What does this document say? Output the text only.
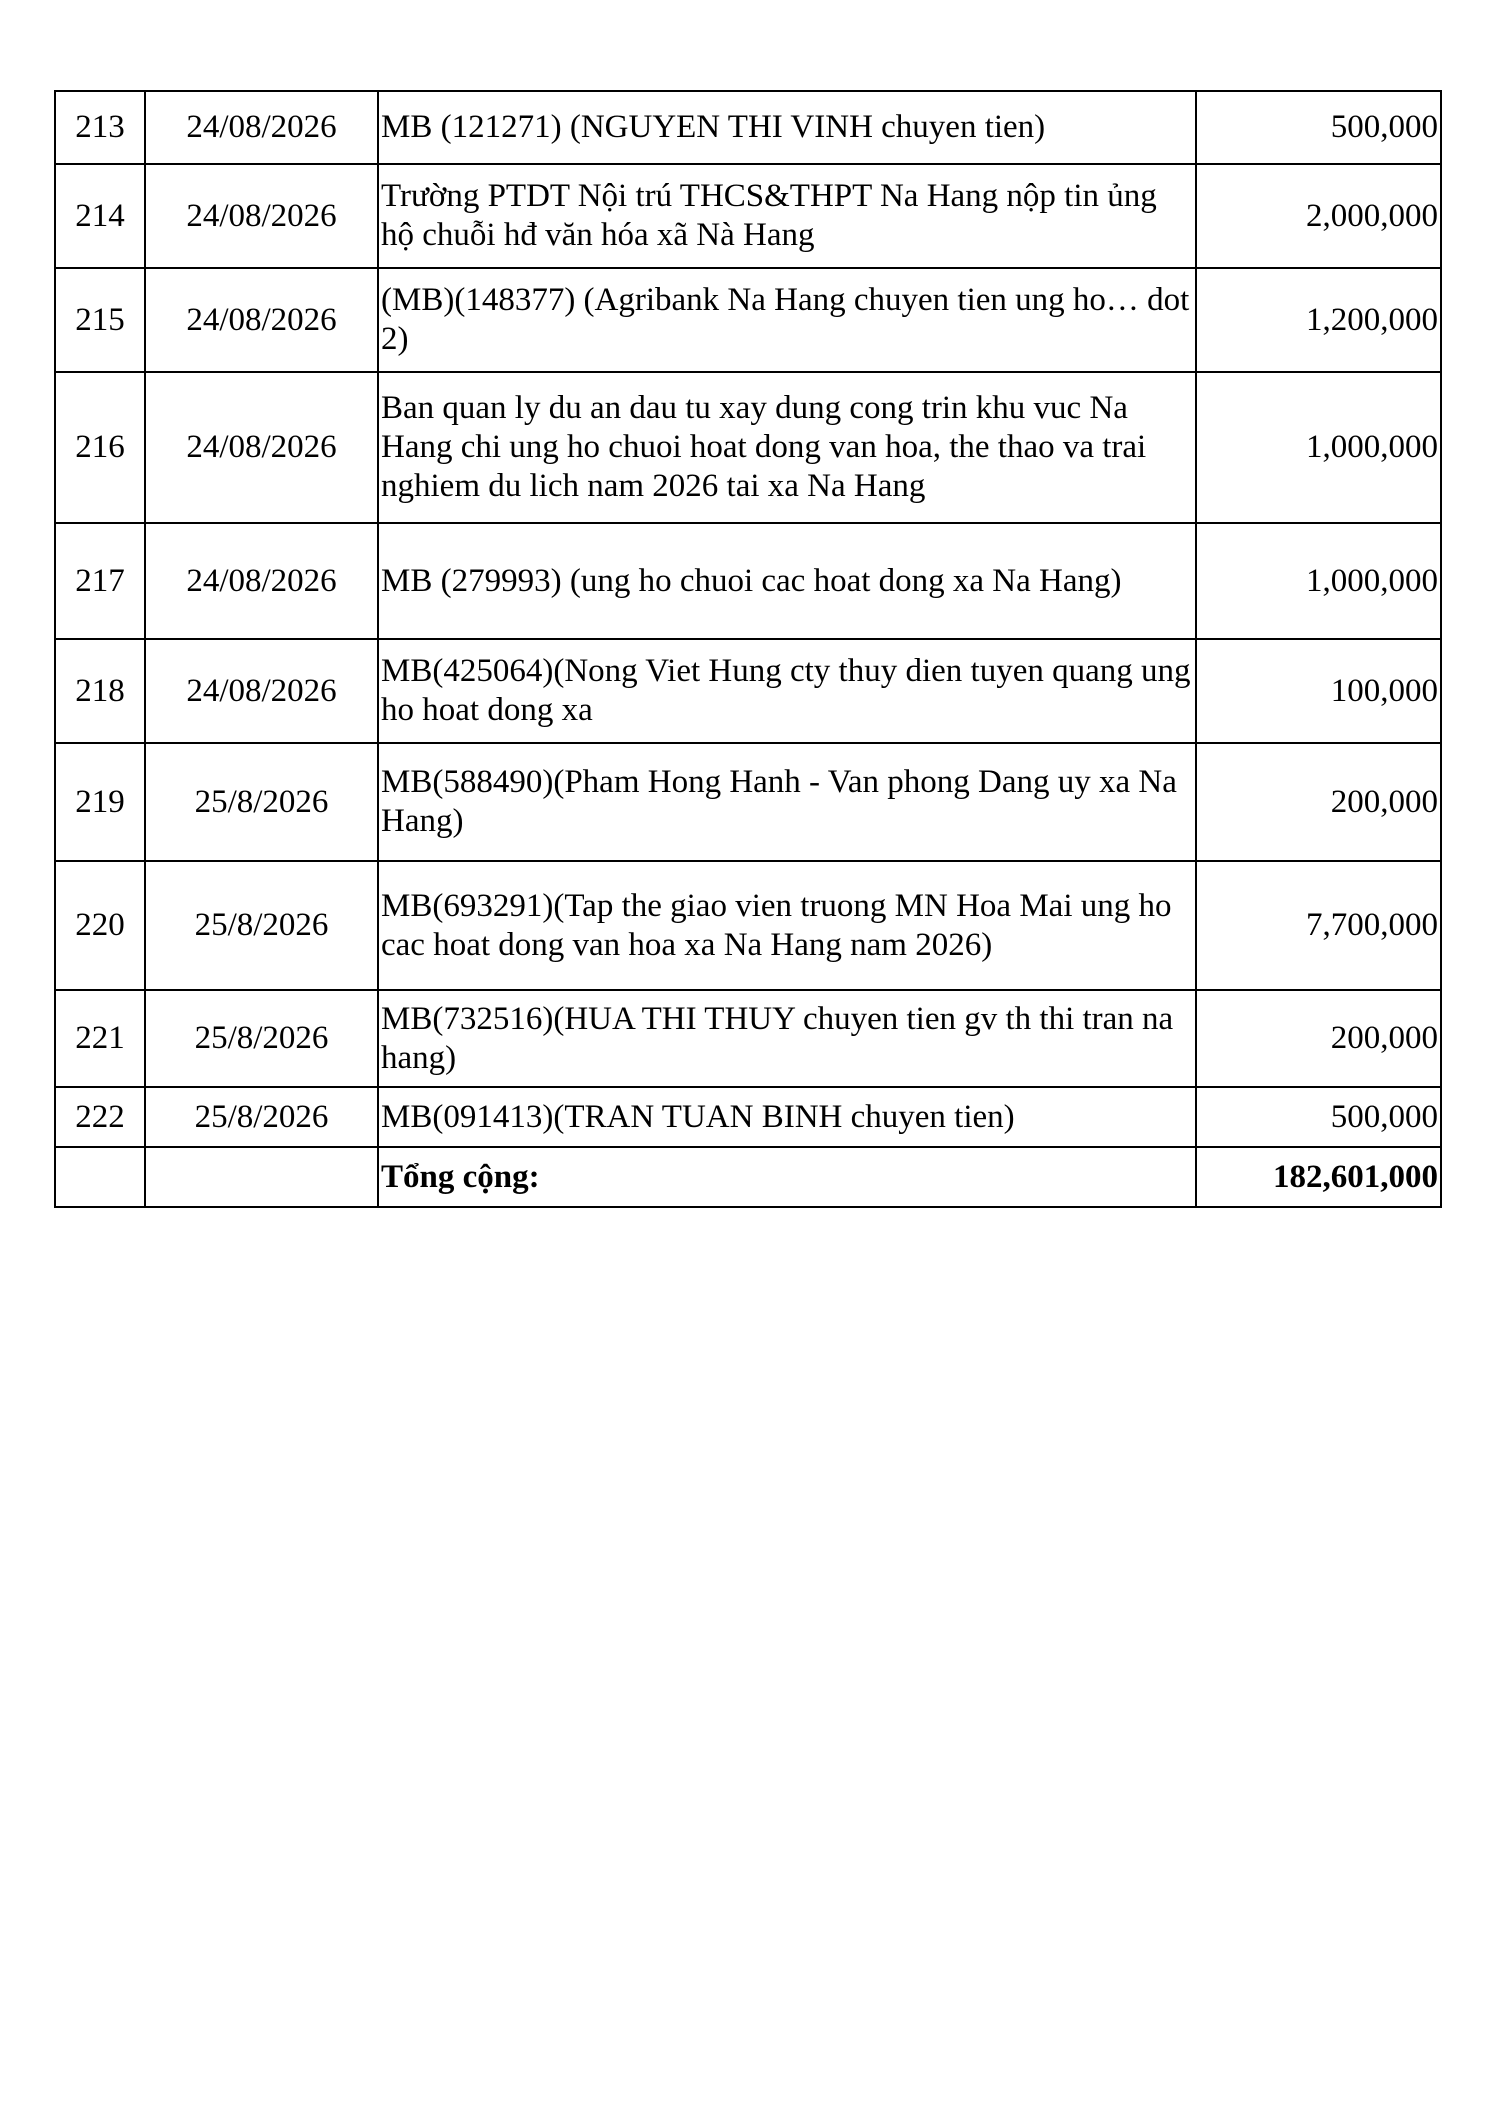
213	24/08/2026	MB (121271) (NGUYEN THI VINH chuyen tien)	500,000
214	24/08/2026	Trường PTDT Nội trú THCS&THPT Na Hang nộp tin ủng hộ chuỗi hđ văn hóa xã Nà Hang	2,000,000
215	24/08/2026	(MB)(148377) (Agribank Na Hang chuyen tien ung ho… dot 2)	1,200,000
216	24/08/2026	Ban quan ly du an dau tu xay dung cong trin khu vuc Na Hang chi ung ho chuoi hoat dong van hoa, the thao va trai nghiem du lich nam 2026 tai xa Na Hang	1,000,000
217	24/08/2026	MB (279993) (ung ho chuoi cac hoat dong xa Na Hang)	1,000,000
218	24/08/2026	MB(425064)(Nong Viet Hung cty thuy dien tuyen quang ung ho hoat dong xa	100,000
219	25/8/2026	MB(588490)(Pham Hong Hanh - Van phong Dang uy xa Na Hang)	200,000
220	25/8/2026	MB(693291)(Tap the giao vien truong MN Hoa Mai ung ho cac hoat dong van hoa xa Na Hang nam 2026)	7,700,000
221	25/8/2026	MB(732516)(HUA THI THUY chuyen tien gv th thi tran na hang)	200,000
222	25/8/2026	MB(091413)(TRAN TUAN BINH chuyen tien)	500,000
		Tổng cộng:	182,601,000
